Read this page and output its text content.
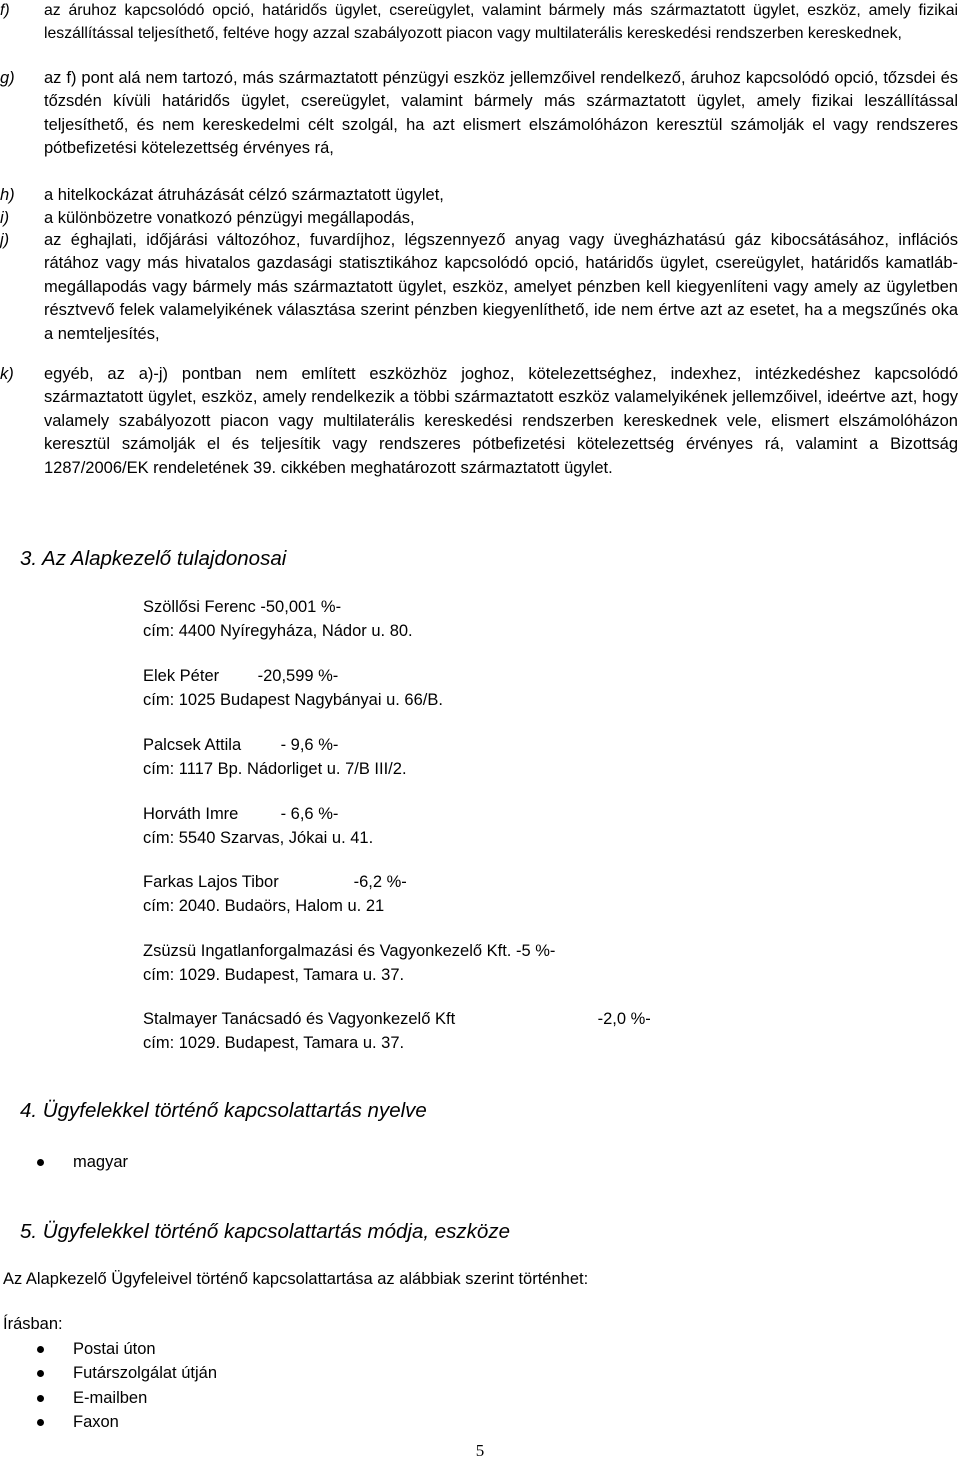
f) az áruhoz kapcsolódó opció, határidős ügylet, csereügylet, valamint bármely más származtatott ügylet, eszköz, amely fizikai leszállítással teljesíthető, feltéve hogy azzal szabályozott piacon vagy multilaterális kereskedési rendszerben kereskednek,

g) az f) pont alá nem tartozó, más származtatott pénzügyi eszköz jellemzőivel rendelkező, áruhoz kapcsolódó opció, tőzsdei és tőzsdén kívüli határidős ügylet, csereügylet, valamint bármely más származtatott ügylet, amely fizikai leszállítással teljesíthető, és nem kereskedelmi célt szolgál, ha azt elismert elszámolóházon keresztül számolják el vagy rendszeres pótbefizetési kötelezettség érvényes rá,

h) a hitelkockázat átruházását célzó származtatott ügylet,

i) a különbözetre vonatkozó pénzügyi megállapodás,

j) az éghajlati, időjárási változóhoz, fuvardíjhoz, légszennyező anyag vagy üvegházhatású gáz kibocsátásához, inflációs rátához vagy más hivatalos gazdasági statisztikához kapcsolódó opció, határidős ügylet, csereügylet, határidős kamatláb-megállapodás vagy bármely más származtatott ügylet, eszköz, amelyet pénzben kell kiegyenlíteni vagy amely az ügyletben résztvevő felek valamelyikének választása szerint pénzben kiegyenlíthető, ide nem értve azt az esetet, ha a megszűnés oka a nemteljesítés,

k) egyéb, az a)-j) pontban nem említett eszközhöz joghoz, kötelezettséghez, indexhez, intézkedéshez kapcsolódó származtatott ügylet, eszköz, amely rendelkezik a többi származtatott eszköz valamelyikének jellemzőivel, ideértve azt, hogy valamely szabályozott piacon vagy multilaterális kereskedési rendszerben kereskednek vele, elismert elszámolóházon keresztül számolják el és teljesítik vagy rendszeres pótbefizetési kötelezettség érvényes rá, valamint a Bizottság 1287/2006/EK rendeletének 39. cikkében meghatározott származtatott ügylet.

3. Az Alapkezelő tulajdonosai
Szöllősi Ferenc -50,001 %-
cím: 4400 Nyíregyháza, Nádor u. 80.
Elek Péter -20,599 %-
cím: 1025 Budapest Nagybányai u. 66/B.
Palcsek Attila - 9,6 %-
cím: 1117 Bp. Nádorliget u. 7/B III/2.
Horváth Imre	- 6,6 %-
cím: 5540 Szarvas, Jókai u. 41.
Farkas Lajos Tibor	-6,2 %-
cím: 2040. Budaörs, Halom u. 21
Zsüzsü Ingatlanforgalmazási és Vagyonkezelő Kft. -5 %-
cím: 1029. Budapest, Tamara u. 37.
Stalmayer Tanácsadó és Vagyonkezelő Kft	-2,0 %-
cím: 1029. Budapest, Tamara u. 37.
4. Ügyfelekkel történő kapcsolattartás nyelve
magyar
5. Ügyfelekkel történő kapcsolattartás módja, eszköze

Az Alapkezelő Ügyfeleivel történő kapcsolattartása az alábbiak szerint történhet:

Írásban:

Postai úton
Futárszolgálat útján
E-mailben
Faxon
5
